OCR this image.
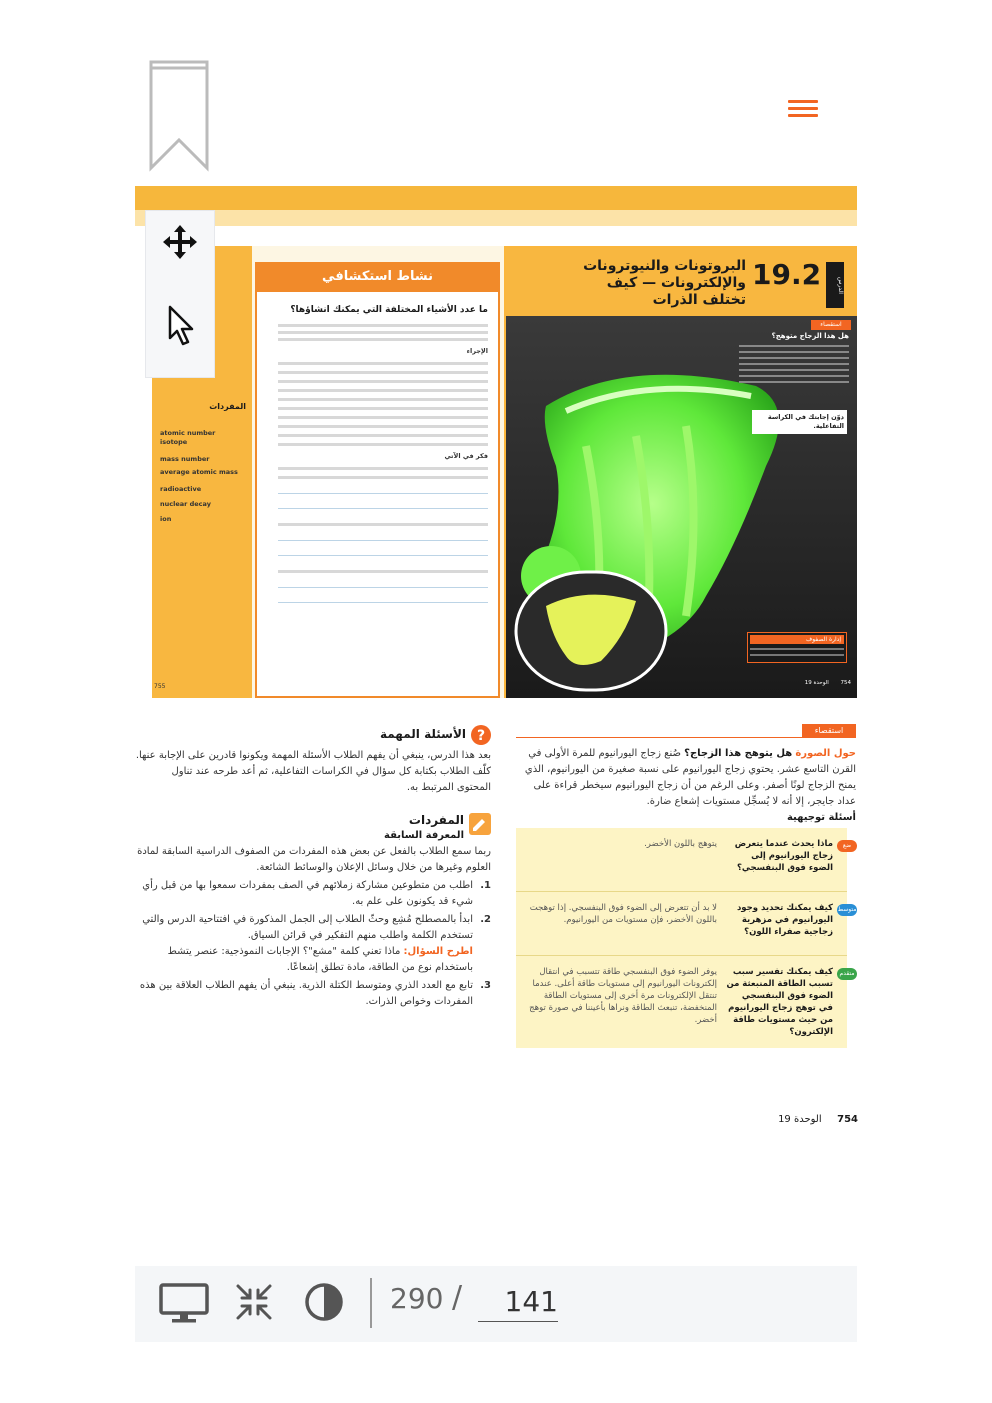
المفردات
atomic number
isotope
mass number
average atomic mass
radioactive
nuclear decay
ion
755
ما عدد الأشياء المختلفة التي يمكنك انشاؤها؟
الإجراء
فكر في الآتي
نشاط استكشافي
الدرس
19.2
البروتونات والنيوترونات والإلكترونات — كيف تختلف الذرات
استقصاء
هل هذا الزجاج متوهج؟
دوّن إجابتك في الكراسة التفاعلية.
إدارة الصفوف
754 الوحدة 19
استقصاء
حول الصورة هل يتوهج هذا الزجاج؟ صُنع زجاج اليورانيوم للمرة الأولى في القرن التاسع عشر. يحتوي زجاج اليورانيوم على نسبة صغيرة من اليورانيوم، الذي يمنح الزجاج لونًا أصفر. وعلى الرغم من أن زجاج اليورانيوم سيخطر قراءة على عداد جايجر، إلا أنه لا يُسجِّل مستويات إشعاع ضارة.
أسئلة توجيهية
ضع
ماذا يحدث عندما يتعرض زجاج اليورانيوم إلى الضوء فوق البنفسجي؟
يتوهج باللون الأخضر.
متوسط
كيف يمكنك تحديد وجود اليورانيوم في مزهرية زجاجية صفراء اللون؟
لا بد أن تتعرض إلى الضوء فوق البنفسجي. إذا توهجت باللون الأخضر، فإن مستويات من اليورانيوم.
متقدم
كيف يمكنك تفسير سبب تسبب الطاقة المنبعثة من الضوء فوق البنفسجي في توهج زجاج اليورانيوم من حيث مستويات طاقة الإلكترون؟
يوفر الضوء فوق البنفسجي طاقة تتسبب في انتقال إلكترونات اليورانيوم إلى مستويات طاقة أعلى. عندما تنتقل الإلكترونات مرة أخرى إلى مستويات الطاقة المنخفضة، تنبعث الطاقة ونراها بأعيننا في صورة توهج أخضر.
?
الأسئلة المهمة
بعد هذا الدرس، ينبغي أن يفهم الطلاب الأسئلة المهمة ويكونوا قادرين على الإجابة عنها. كلّف الطلاب بكتابة كل سؤال في الكراسات التفاعلية، ثم أعد طرحه عند تناول المحتوى المرتبط به.
المفردات
المعرفة السابقة
ربما سمع الطلاب بالفعل عن بعض هذه المفردات من الصفوف الدراسية السابقة لمادة العلوم وغيرها من خلال وسائل الإعلان والوسائط الشائعة.
1.
اطلب من متطوعين مشاركة زملائهم في الصف بمفردات سمعوا بها من قبل رأي شيء قد يكونون على علم به.
2.
ابدأ بالمصطلح مُشِع وحثّ الطلاب إلى الجمل المذكورة في افتتاحية الدرس والتي تستخدم الكلمة واطلب منهم التفكير في قرائن السياق.
اطرح السؤال: ماذا تعني كلمة "مشع"؟ الإجابات النموذجية: عنصر يتشط باستخدام نوع من الطاقة، مادة تطلق إشعاعًا.
3.
تابع مع العدد الذري ومتوسط الكتلة الذرية. ينبغي أن يفهم الطلاب العلاقة بين هذه المفردات وخواص الذرات.
754 الوحدة 19
290 /
141
